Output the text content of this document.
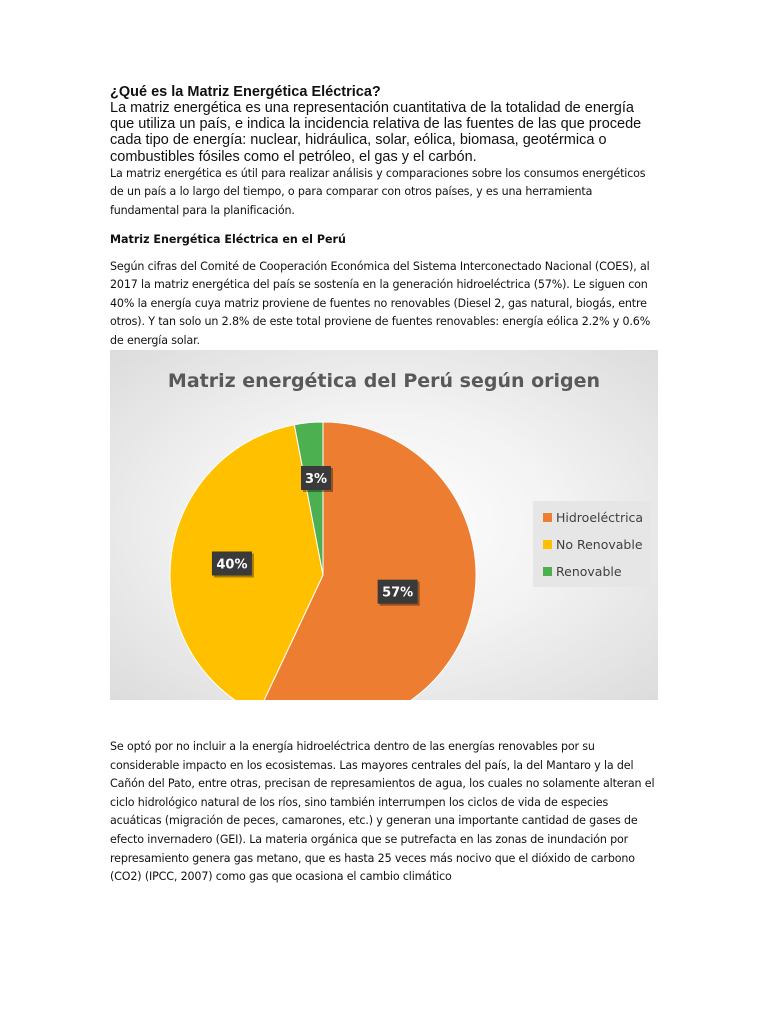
¿Qué es la Matriz Energética Eléctrica?

La matriz energética es una representación cuantitativa de la totalidad de energía que utiliza un país, e indica la incidencia relativa de las fuentes de las que procede cada tipo de energía: nuclear, hidráulica, solar, eólica, biomasa, geotérmica o combustibles fósiles como el petróleo, el gas y el carbón.

La matriz energética es útil para realizar análisis y comparaciones sobre los consumos energéticos de un país a lo largo del tiempo, o para comparar con otros países, y es una herramienta fundamental para la planificación.

Matriz Energética Eléctrica en el Perú

Según cifras del Comité de Cooperación Económica del Sistema Interconectado Nacional (COES), al 2017 la matriz energética del país se sostenía en la generación hidroeléctrica (57%). Le siguen con 40% la energía cuya matriz proviene de fuentes no renovables (Diesel 2, gas natural, biogás, entre otros). Y tan solo un 2.8% de este total proviene de fuentes renovables: energía eólica 2.2% y 0.6% de energía solar.

Matriz energética del Perú según origen
57%
40%
3%
Hidroeléctrica
No Renovable
Renovable

Se optó por no incluir a la energía hidroeléctrica dentro de las energías renovables por su considerable impacto en los ecosistemas. Las mayores centrales del país, la del Mantaro y la del Cañón del Pato, entre otras, precisan de represamientos de agua, los cuales no solamente alteran el ciclo hidrológico natural de los ríos, sino también interrumpen los ciclos de vida de especies acuáticas (migración de peces, camarones, etc.) y generan una importante cantidad de gases de efecto invernadero (GEI). La materia orgánica que se putrefacta en las zonas de inundación por represamiento genera gas metano, que es hasta 25 veces más nocivo que el dióxido de carbono (CO2) (IPCC, 2007) como gas que ocasiona el cambio climático
